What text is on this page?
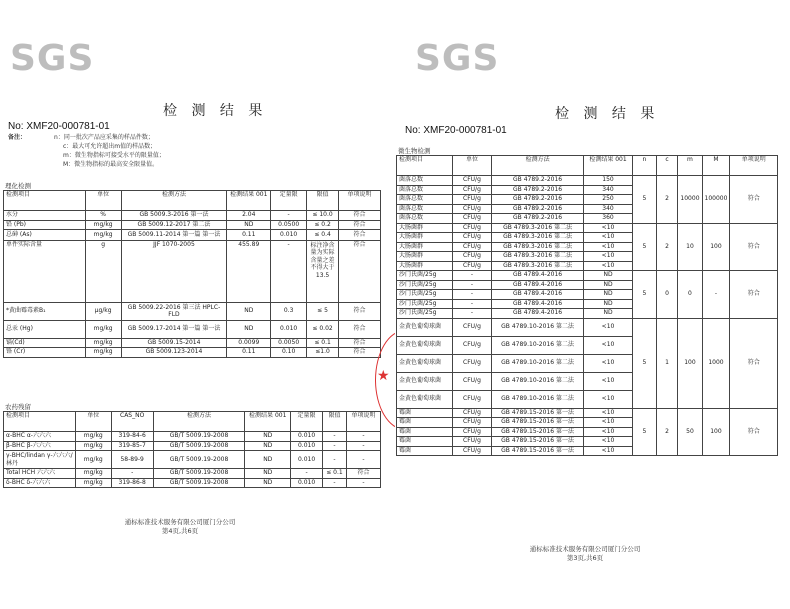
SGS
检 测 结 果
No: XMF20-000781-01
备注：	n：同一批次产品应采集的样品件数；
c：最大可允许超出m值的样品数；
m：微生物指标可接受水平的限量值；
M：微生物指标的最高安全限量值。
理化检测
检测项目	单位	检测方法	检测结果 001	定量限	限值	单项说明
水分	%	GB 5009.3-2016 第一法	2.04	-	≤ 10.0	符合
铅 (Pb)	mg/kg	GB 5009.12-2017 第二法	ND	0.0500	≤ 0.2	符合
总砷 (As)	mg/kg	GB 5009.11-2014 第一篇 第一法	0.11	0.010	≤ 0.4	符合
单件实际含量	g	JJF 1070-2005	455.89	-	标注净含量为实际含量之差不得大于13.5	符合
*黄曲霉毒素B₁	μg/kg	GB 5009.22-2016 第三法 HPLC-FLD	ND	0.3	≤ 5	符合
总汞 (Hg)	mg/kg	GB 5009.17-2014 第一篇 第一法	ND	0.010	≤ 0.02	符合
镉(Cd)	mg/kg	GB 5009.15-2014	0.0099	0.0050	≤ 0.1	符合
铬 (Cr)	mg/kg	GB 5009.123-2014	0.11	0.10	≤1.0	符合
农药残留
检测项目	单位	CAS_NO	检测方法	检测结果 001	定量限	限值	单项说明
α-BHC α-六六六	mg/kg	319-84-6	GB/T 5009.19-2008	ND	0.010	-	-
β-BHC β-六六六	mg/kg	319-85-7	GB/T 5009.19-2008	ND	0.010	-	-
γ-BHC/lindan γ-六六六/林丹	mg/kg	58-89-9	GB/T 5009.19-2008	ND	0.010	-	-
Total HCH 六六六	mg/kg	-	GB/T 5009.19-2008	ND	-	≤ 0.1	符合
δ-BHC δ-六六六	mg/kg	319-86-8	GB/T 5009.19-2008	ND	0.010	-	-
通标标准技术服务有限公司厦门分公司
第4页,共6页
★
SGS
检 测 结 果
No: XMF20-000781-01
微生物检测
检测项目	单位	检测方法	检测结果 001	n	c	m	M	单项说明
菌落总数	CFU/g	GB 4789.2-2016	150	5	2	10000	100000	符合
菌落总数	CFU/g	GB 4789.2-2016	340					
菌落总数	CFU/g	GB 4789.2-2016	250					
菌落总数	CFU/g	GB 4789.2-2016	340					
菌落总数	CFU/g	GB 4789.2-2016	360					
大肠菌群	CFU/g	GB 4789.3-2016 第二法	<10	5	2	10	100	符合
大肠菌群	CFU/g	GB 4789.3-2016 第二法	<10					
大肠菌群	CFU/g	GB 4789.3-2016 第二法	<10					
大肠菌群	CFU/g	GB 4789.3-2016 第二法	<10					
大肠菌群	CFU/g	GB 4789.3-2016 第二法	<10					
沙门氏菌/25g	-	GB 4789.4-2016	ND	5	0	0	-	符合
沙门氏菌/25g	-	GB 4789.4-2016	ND					
沙门氏菌/25g	-	GB 4789.4-2016	ND					
沙门氏菌/25g	-	GB 4789.4-2016	ND					
沙门氏菌/25g	-	GB 4789.4-2016	ND					
金黄色葡萄球菌	CFU/g	GB 4789.10-2016 第二法	<10	5	1	100	1000	符合
金黄色葡萄球菌	CFU/g	GB 4789.10-2016 第二法	<10					
金黄色葡萄球菌	CFU/g	GB 4789.10-2016 第二法	<10					
金黄色葡萄球菌	CFU/g	GB 4789.10-2016 第二法	<10					
金黄色葡萄球菌	CFU/g	GB 4789.10-2016 第二法	<10					
霉菌	CFU/g	GB 4789.15-2016 第一法	<10	5	2	50	100	符合
霉菌	CFU/g	GB 4789.15-2016 第一法	<10					
霉菌	CFU/g	GB 4789.15-2016 第一法	<10					
霉菌	CFU/g	GB 4789.15-2016 第一法	<10					
霉菌	CFU/g	GB 4789.15-2016 第一法	<10					
通标标准技术服务有限公司厦门分公司
第3页,共6页
